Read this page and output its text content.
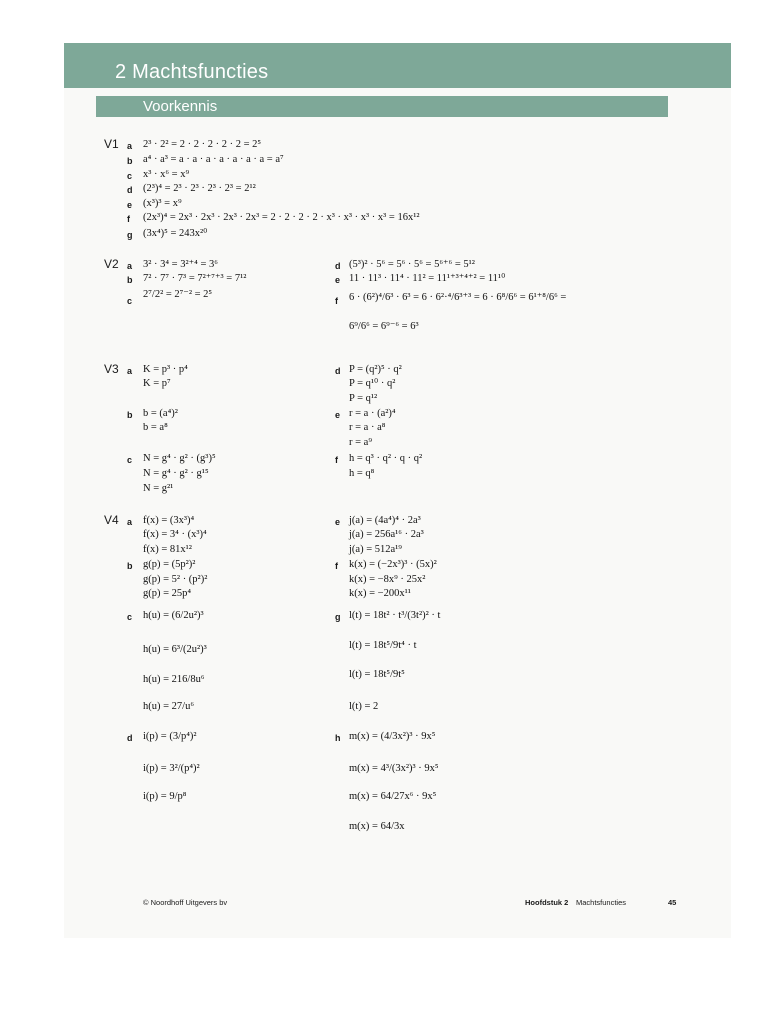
2 Machtsfuncties
Voorkennis
V1 a
b
c
d
e
f
g
2³ · 2² = 2 · 2 · 2 · 2 · 2 = 2⁵
a⁴ · a³ = a · a · a · a · a · a · a = a⁷
x³ · x⁶ = x⁹
(2³)⁴ = 2³ · 2³ · 2³ · 2³ = 2¹²
(x³)³ = x⁹
(2x³)⁴ = 2x³ · 2x³ · 2x³ · 2x³ = 2 · 2 · 2 · 2 · x³ · x³ · x³ · x³ = 16x¹²
(3x⁴)⁵ = 243x²⁰
V2 a
b
c
3² · 3⁴ = 3²⁺⁴ = 3⁶
7² · 7⁷ · 7³ = 7²⁺⁷⁺³ = 7¹²
2⁷/2² = 2⁷⁻² = 2⁵
d
e
f
(5³)² · 5⁶ = 5⁶ · 5⁶ = 5⁶⁺⁶ = 5¹²
11 · 11³ · 11⁴ · 11² = 11¹⁺³⁺⁴⁺² = 11¹⁰
6 · (6²)⁴/6³ · 6³ = 6 · 6²·⁴/6³⁺³ = 6 · 6⁸/6⁶ = 6¹⁺⁸/6⁶ =
6⁹/6⁶ = 6⁹⁻⁶ = 6³
V3 a
b
c
K = p³ · p⁴
K = p⁷
b = (a⁴)²
b = a⁸
N = g⁴ · g² · (g³)⁵
N = g⁴ · g² · g¹⁵
N = g²¹
d
e
f
P = (q²)⁵ · q²
P = q¹⁰ · q²
P = q¹²
r = a · (a²)⁴
r = a · a⁸
r = a⁹
h = q³ · q² · q · q²
h = q⁸
V4 a
b
c
d
f(x) = (3x³)⁴
f(x) = 3⁴ · (x³)⁴
f(x) = 81x¹²
g(p) = (5p²)²
g(p) = 5² · (p²)²
g(p) = 25p⁴
h(u) = (6/2u²)³
h(u) = 6³/(2u²)³
h(u) = 216/8u⁶
h(u) = 27/u⁶
i(p) = (3/p⁴)²
i(p) = 3²/(p⁴)²
i(p) = 9/p⁸
e
f
g
h
j(a) = (4a⁴)⁴ · 2a³
j(a) = 256a¹⁶ · 2a³
j(a) = 512a¹⁹
k(x) = (−2x³)³ · (5x)²
k(x) = −8x⁹ · 25x²
k(x) = −200x¹¹
l(t) = 18t² · t³/(3t²)² · t
l(t) = 18t⁵/9t⁴ · t
l(t) = 18t⁵/9t⁵
l(t) = 2
m(x) = (4/3x²)³ · 9x⁵
m(x) = 4³/(3x²)³ · 9x⁵
m(x) = 64/27x⁶ · 9x⁵
m(x) = 64/3x
© Noordhoff Uitgevers bv	Hoofdstuk 2 Machtsfuncties	45
